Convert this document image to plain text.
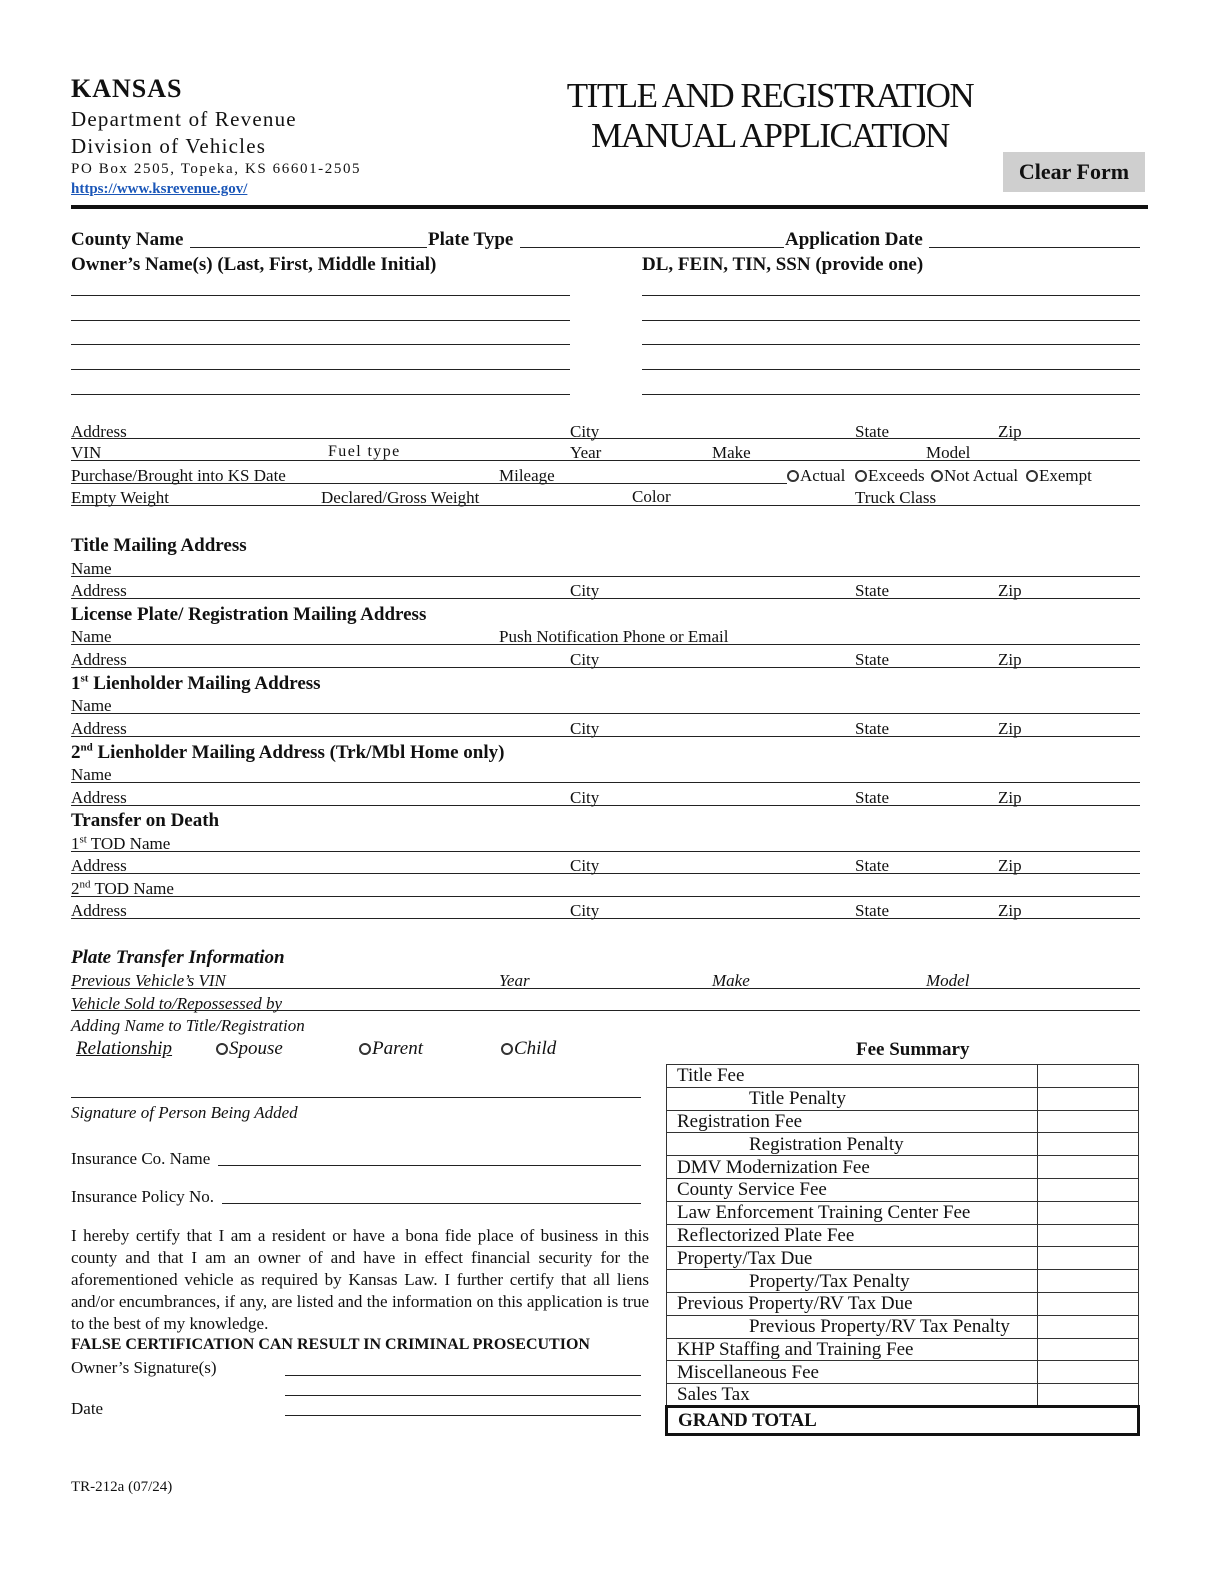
KANSAS
Department of Revenue
Division of Vehicles
PO Box 2505, Topeka, KS 66601-2505
https://www.ksrevenue.gov/
TITLE AND REGISTRATION
MANUAL APPLICATION
Clear Form
County Name	Plate Type	Application Date
Owner’s Name(s) (Last, First, Middle Initial)	DL, FEIN, TIN, SSN (provide one)
Address	City	State	Zip
VIN	Fuel type	Year	Make	Model
Purchase/Brought into KS Date	Mileage	Actual	Exceeds	Not Actual	Exempt
Empty Weight	Declared/Gross Weight	Color	Truck Class
Title Mailing Address
Name
Address	City	State	Zip
License Plate/ Registration Mailing Address
Name	Push Notification Phone or Email
Address	City	State	Zip
1st Lienholder Mailing Address
Name
Address	City	State	Zip
2nd Lienholder Mailing Address (Trk/Mbl Home only)
Name
Address	City	State	Zip
Transfer on Death
1st TOD Name
Address	City	State	Zip
2nd TOD Name
Address	City	State	Zip
Plate Transfer Information
Previous Vehicle’s VIN	Year	Make	Model
Vehicle Sold to/Repossessed by
Adding Name to Title/Registration
Relationship	Spouse	Parent	Child
Signature of Person Being Added
Insurance Co. Name
Insurance Policy No.

I hereby certify that I am a resident or have a bona fide place of business in this county and that I am an owner of and have in effect financial security for the aforementioned vehicle as required by Kansas Law. I further certify that all liens and/or encumbrances, if any, are listed and the information on this application is true to the best of my knowledge.

FALSE CERTIFICATION CAN RESULT IN CRIMINAL PROSECUTION
Owner’s Signature(s)
Date
Fee Summary
Title Fee	
Title Penalty	
Registration Fee	
Registration Penalty	
DMV Modernization Fee	
County Service Fee	
Law Enforcement Training Center Fee	
Reflectorized Plate Fee	
Property/Tax Due	
Property/Tax Penalty	
Previous Property/RV Tax Due	
Previous Property/RV Tax Penalty	
KHP Staffing and Training Fee	
Miscellaneous Fee	
Sales Tax	
GRAND TOTAL	
TR-212a (07/24)
